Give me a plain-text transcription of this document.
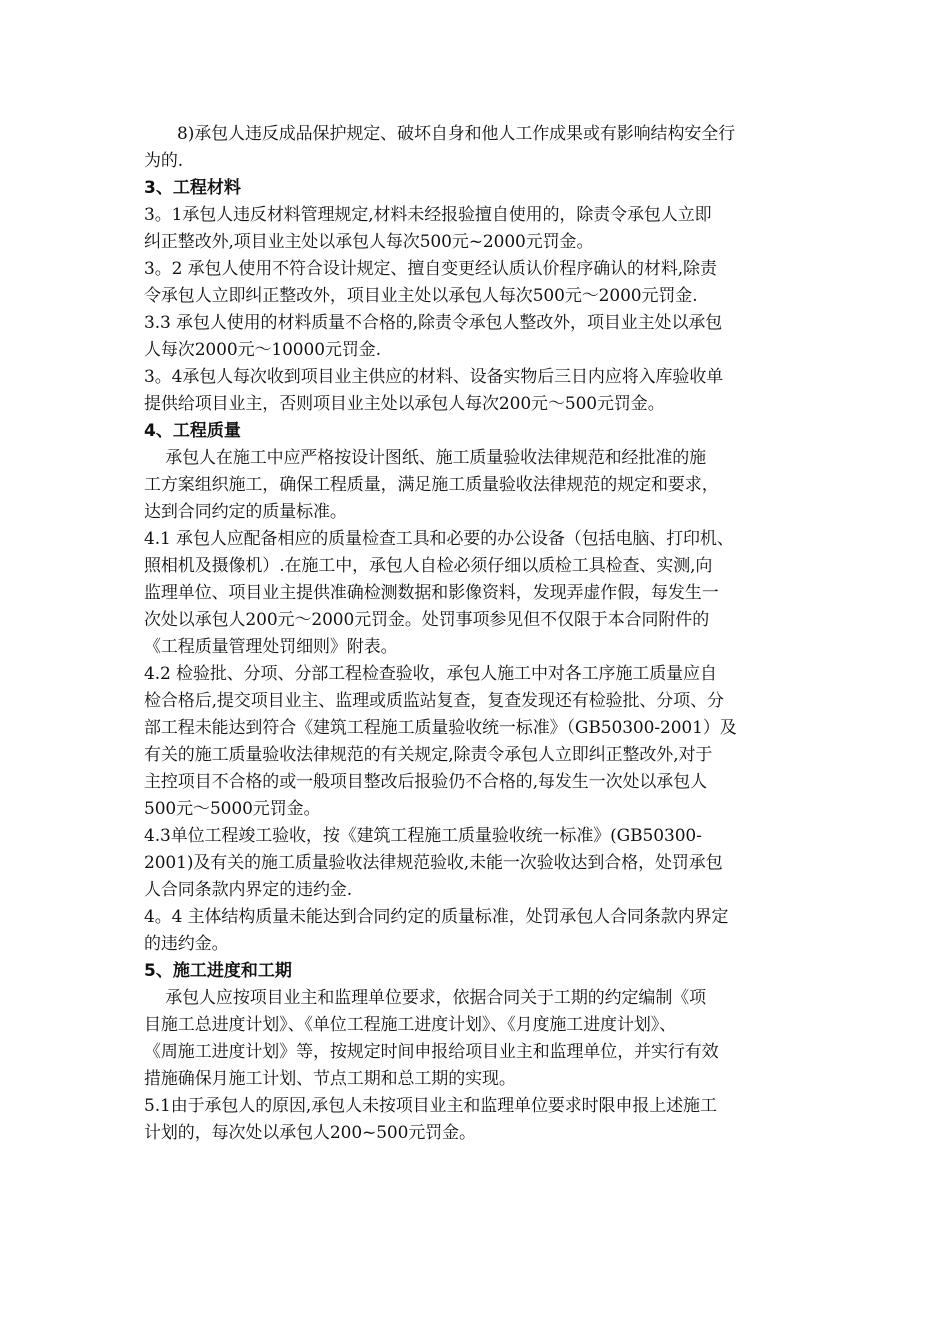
8)承包人违反成品保护规定、破坏自身和他人工作成果或有影响结构安全行
为的.
3、工程材料
3。1承包人违反材料管理规定,材料未经报验擅自使用的，除责令承包人立即
纠正整改外,项目业主处以承包人每次500元~2000元罚金。
3。2 承包人使用不符合设计规定、擅自变更经认质认价程序确认的材料,除责
令承包人立即纠正整改外，项目业主处以承包人每次500元～2000元罚金.
3.3 承包人使用的材料质量不合格的,除责令承包人整改外，项目业主处以承包
人每次2000元～10000元罚金.
3。4承包人每次收到项目业主供应的材料、设备实物后三日内应将入库验收单
提供给项目业主，否则项目业主处以承包人每次200元～500元罚金。
4、工程质量
承包人在施工中应严格按设计图纸、施工质量验收法律规范和经批准的施
工方案组织施工，确保工程质量，满足施工质量验收法律规范的规定和要求，
达到合同约定的质量标准。
4.1 承包人应配备相应的质量检查工具和必要的办公设备（包括电脑、打印机、
照相机及摄像机）.在施工中，承包人自检必须仔细以质检工具检查、实测,向
监理单位、项目业主提供准确检测数据和影像资料，发现弄虚作假，每发生一
次处以承包人200元～2000元罚金。处罚事项参见但不仅限于本合同附件的
《工程质量管理处罚细则》附表。
4.2 检验批、分项、分部工程检查验收，承包人施工中对各工序施工质量应自
检合格后,提交项目业主、监理或质监站复查，复查发现还有检验批、分项、分
部工程未能达到符合《建筑工程施工质量验收统一标准》（GB50300-2001）及
有关的施工质量验收法律规范的有关规定,除责令承包人立即纠正整改外,对于
主控项目不合格的或一般项目整改后报验仍不合格的,每发生一次处以承包人
500元～5000元罚金。
4.3单位工程竣工验收，按《建筑工程施工质量验收统一标准》(GB50300-
2001)及有关的施工质量验收法律规范验收,未能一次验收达到合格，处罚承包
人合同条款内界定的违约金.
4。4 主体结构质量未能达到合同约定的质量标准，处罚承包人合同条款内界定
的违约金。
5、施工进度和工期
承包人应按项目业主和监理单位要求，依据合同关于工期的约定编制《项
目施工总进度计划》、《单位工程施工进度计划》、《月度施工进度计划》、
《周施工进度计划》等，按规定时间申报给项目业主和监理单位，并实行有效
措施确保月施工计划、节点工期和总工期的实现。
5.1由于承包人的原因,承包人未按项目业主和监理单位要求时限申报上述施工
计划的，每次处以承包人200~500元罚金。
